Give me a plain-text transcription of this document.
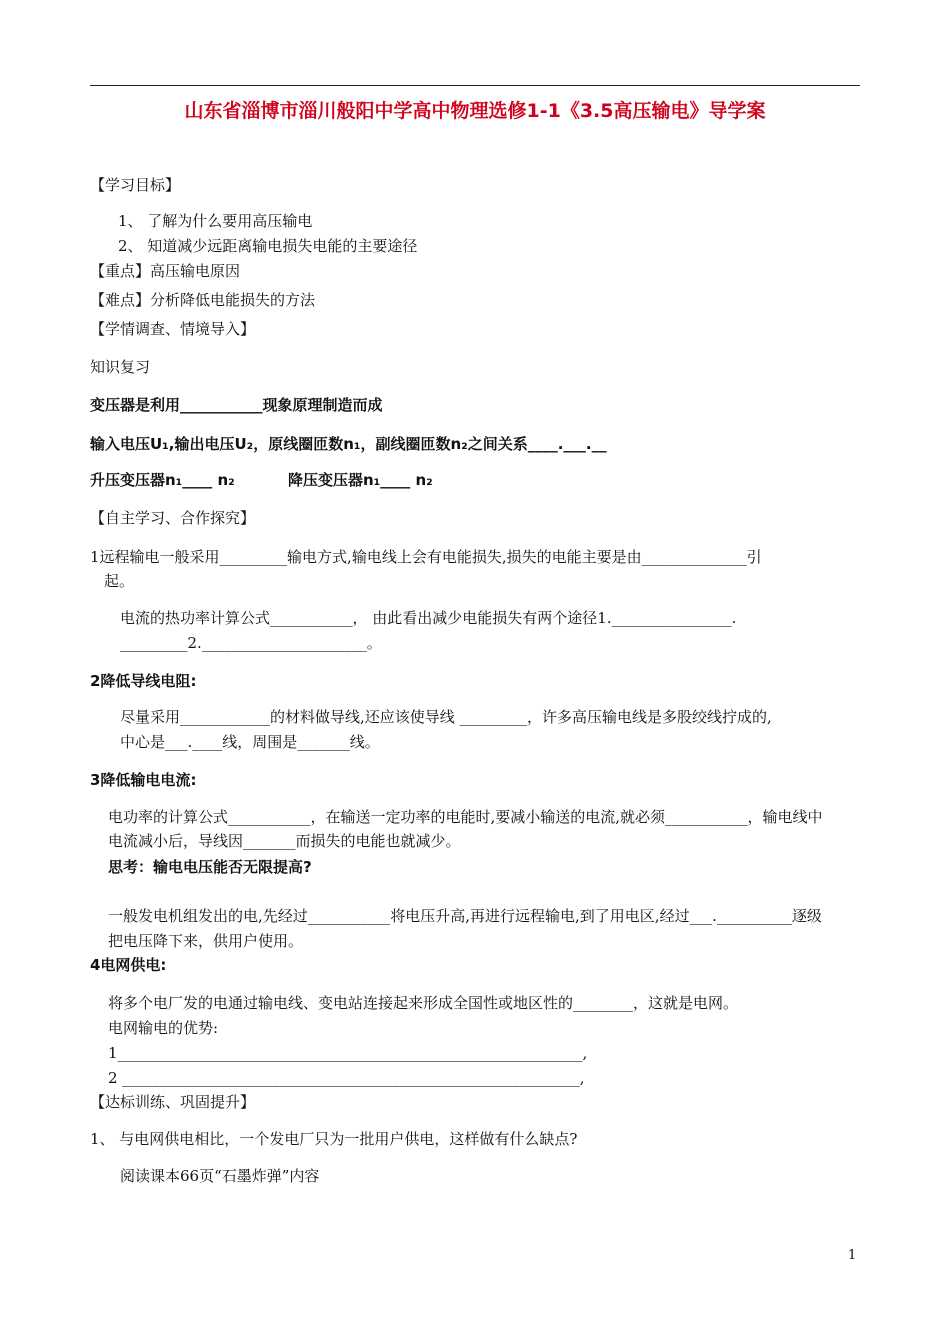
山东省淄博市淄川般阳中学高中物理选修1-1《3.5高压输电》导学案
【学习目标】
1、 了解为什么要用高压输电
2、 知道减少远距离输电损失电能的主要途径
【重点】高压输电原因
【难点】分析降低电能损失的方法
【学情调查、情境导入】
知识复习
变压器是利用___________现象原理制造而成
输入电压U₁,输出电压U₂，原线圈匝数n₁，副线圈匝数n₂之间关系____.___.__
升压变压器n₁____ n₂	降压变压器n₁____ n₂
【自主学习、合作探究】
1远程输电一般采用_________输电方式,输电线上会有电能损失,损失的电能主要是由______________引
起。
电流的热功率计算公式___________， 由此看出减少电能损失有两个途径1.________________.
_________2.______________________。
2降低导线电阻:
尽量采用____________的材料做导线,还应该使导线 _________，许多高压输电线是多股绞线拧成的,
中心是___.____线，周围是_______线。
3降低输电电流:
电功率的计算公式___________，在输送一定功率的电能时,要减小输送的电流,就必须___________，输电线中
电流减小后，导线因_______而损失的电能也就减少。
思考：输电电压能否无限提高?
一般发电机组发出的电,先经过___________将电压升高,再进行远程输电,到了用电区,经过___.__________逐级
把电压降下来，供用户使用。
4电网供电:
将多个电厂发的电通过输电线、变电站连接起来形成全国性或地区性的________，这就是电网。
电网输电的优势:
1______________________________________________________________,
2 _____________________________________________________________,
【达标训练、巩固提升】
1、 与电网供电相比，一个发电厂只为一批用户供电，这样做有什么缺点?
阅读课本66页“石墨炸弹”内容
1
